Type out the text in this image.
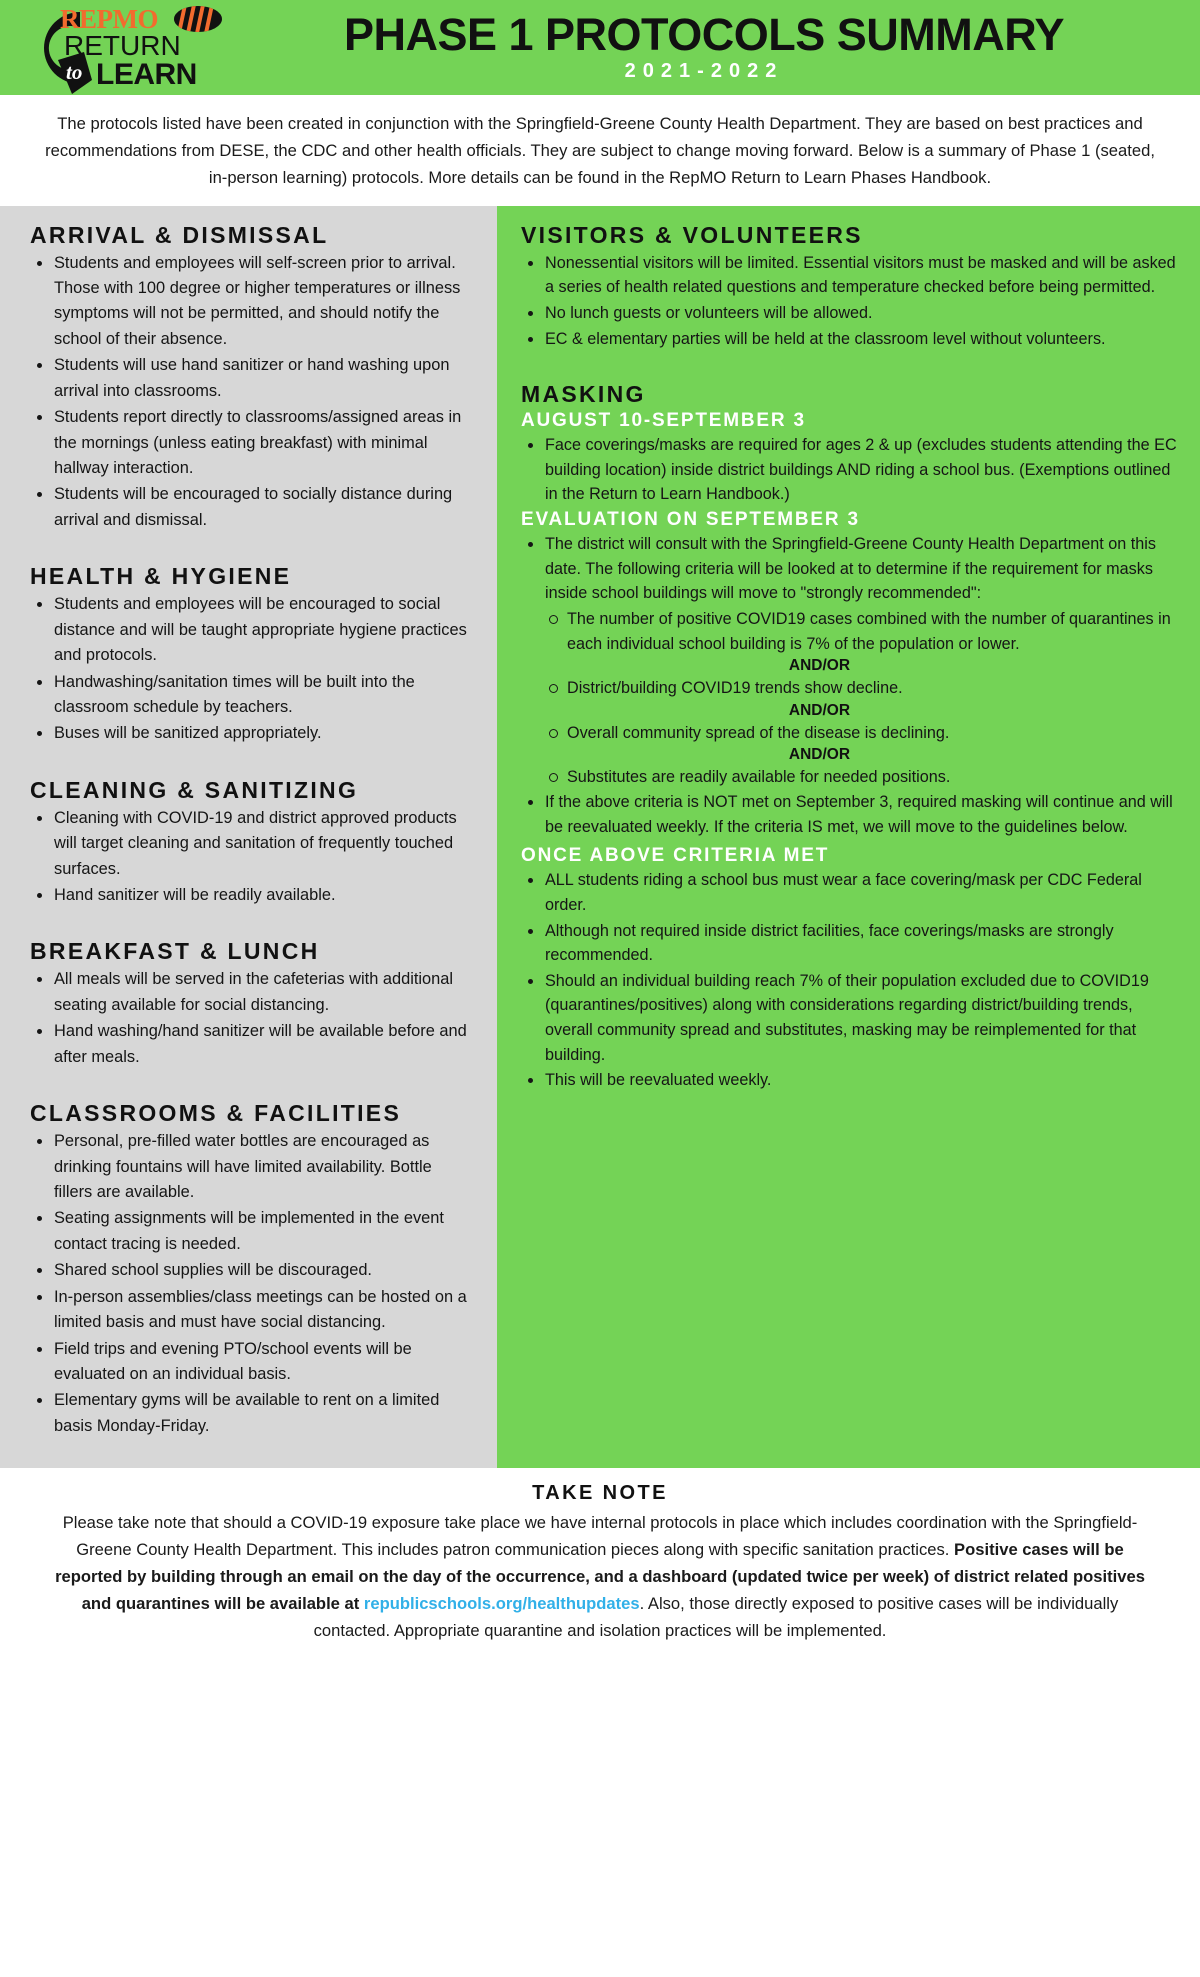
REPMO
RETURN
to LEARN
PHASE 1 PROTOCOLS SUMMARY
2021-2022
The protocols listed have been created in conjunction with the Springfield-Greene County Health Department. They are based on best practices and recommendations from DESE, the CDC and other health officials. They are subject to change moving forward. Below is a summary of Phase 1 (seated, in-person learning) protocols. More details can be found in the RepMO Return to Learn Phases Handbook.
ARRIVAL & DISMISSAL
Students and employees will self-screen prior to arrival. Those with 100 degree or higher temperatures or illness symptoms will not be permitted, and should notify the school of their absence.
Students will use hand sanitizer or hand washing upon arrival into classrooms.
Students report directly to classrooms/assigned areas in the mornings (unless eating breakfast) with minimal hallway interaction.
Students will be encouraged to socially distance during arrival and dismissal.
HEALTH & HYGIENE
Students and employees will be encouraged to social distance and will be taught appropriate hygiene practices and protocols.
Handwashing/sanitation times will be built into the classroom schedule by teachers.
Buses will be sanitized appropriately.
CLEANING & SANITIZING
Cleaning with COVID-19 and district approved products will target cleaning and sanitation of frequently touched surfaces.
Hand sanitizer will be readily available.
BREAKFAST & LUNCH
All meals will be served in the cafeterias with additional seating available for social distancing.
Hand washing/hand sanitizer will be available before and after meals.
CLASSROOMS & FACILITIES
Personal, pre-filled water bottles are encouraged as drinking fountains will have limited availability. Bottle fillers are available.
Seating assignments will be implemented in the event contact tracing is needed.
Shared school supplies will be discouraged.
In-person assemblies/class meetings can be hosted on a limited basis and must have social distancing.
Field trips and evening PTO/school events will be evaluated on an individual basis.
Elementary gyms will be available to rent on a limited basis Monday-Friday.
VISITORS & VOLUNTEERS
Nonessential visitors will be limited. Essential visitors must be masked and will be asked a series of health related questions and temperature checked before being permitted.
No lunch guests or volunteers will be allowed.
EC & elementary parties will be held at the classroom level without volunteers.
MASKING
AUGUST 10-SEPTEMBER 3
Face coverings/masks are required for ages 2 & up (excludes students attending the EC building location) inside district buildings AND riding a school bus. (Exemptions outlined in the Return to Learn Handbook.)
EVALUATION ON SEPTEMBER 3
The district will consult with the Springfield-Greene County Health Department on this date. The following criteria will be looked at to determine if the requirement for masks inside school buildings will move to "strongly recommended":
The number of positive COVID19 cases combined with the number of quarantines in each individual school building is 7% of the population or lower.
AND/OR
District/building COVID19 trends show decline.
AND/OR
Overall community spread of the disease is declining.
AND/OR
Substitutes are readily available for needed positions.
If the above criteria is NOT met on September 3, required masking will continue and will be reevaluated weekly. If the criteria IS met, we will move to the guidelines below.
ONCE ABOVE CRITERIA MET
ALL students riding a school bus must wear a face covering/mask per CDC Federal order.
Although not required inside district facilities, face coverings/masks are strongly recommended.
Should an individual building reach 7% of their population excluded due to COVID19 (quarantines/positives) along with considerations regarding district/building trends, overall community spread and substitutes, masking may be reimplemented for that building.
This will be reevaluated weekly.
TAKE NOTE

Please take note that should a COVID-19 exposure take place we have internal protocols in place which includes coordination with the Springfield-Greene County Health Department. This includes patron communication pieces along with specific sanitation practices. Positive cases will be reported by building through an email on the day of the occurrence, and a dashboard (updated twice per week) of district related positives and quarantines will be available at republicschools.org/healthupdates. Also, those directly exposed to positive cases will be individually contacted. Appropriate quarantine and isolation practices will be implemented.
